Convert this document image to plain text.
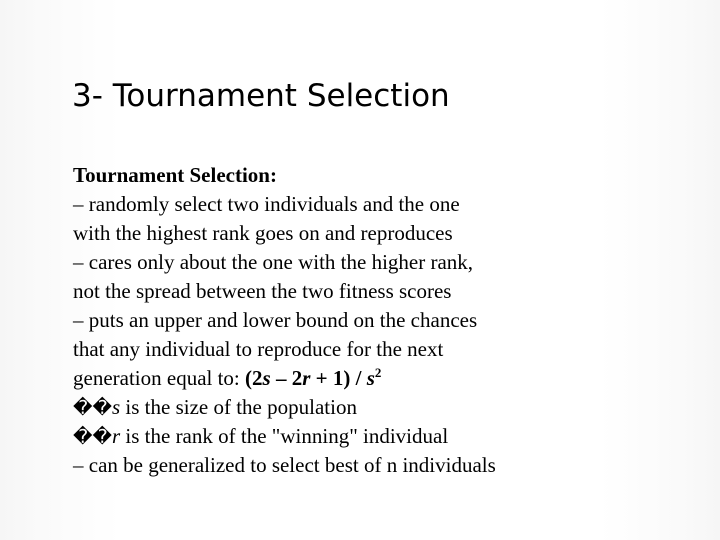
3- Tournament Selection
Tournament Selection:
– randomly select two individuals and the one
with the highest rank goes on and reproduces
– cares only about the one with the higher rank,
not the spread between the two fitness scores
– puts an upper and lower bound on the chances
that any individual to reproduce for the next
generation equal to: $(2s - 2r + 1) / s^2$
��s is the size of the population
��r is the rank of the "winning" individual
– can be generalized to select best of n individuals
